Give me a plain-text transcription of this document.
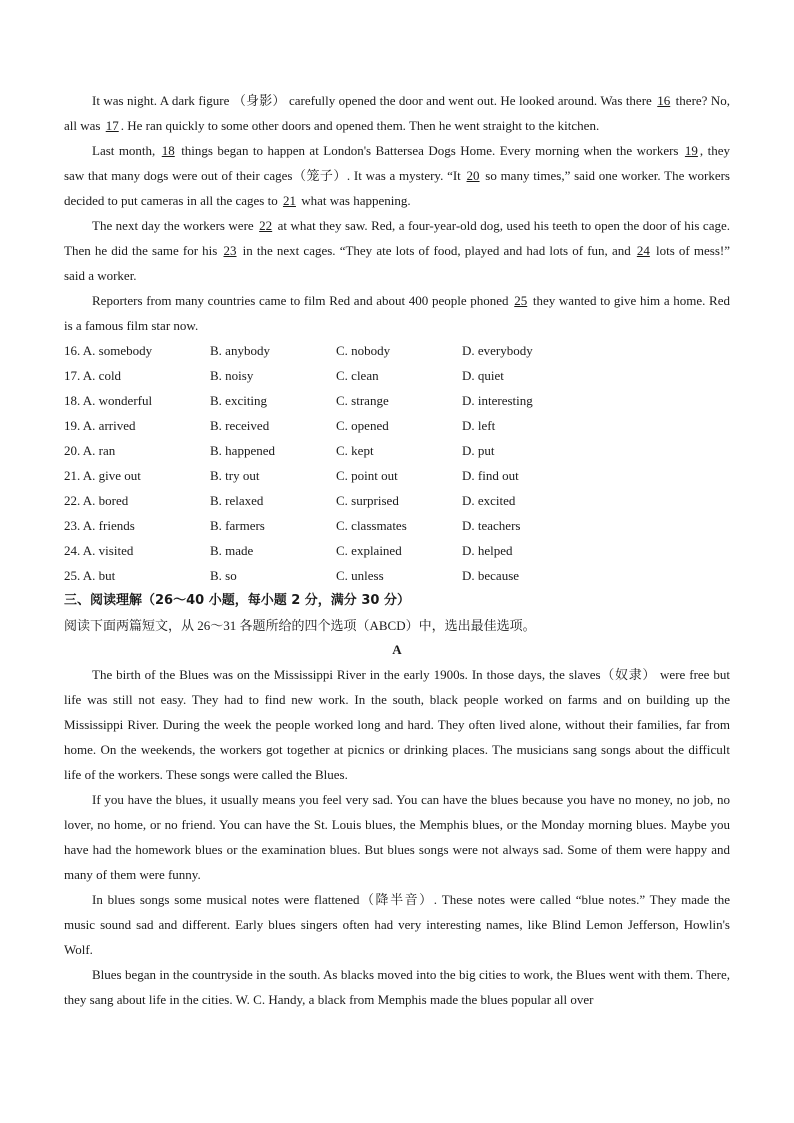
It was night. A dark figure （身影） carefully opened the door and went out. He looked around. Was there 16 there? No, all was 17 . He ran quickly to some other doors and opened them. Then he went straight to the kitchen.

Last month, 18 things began to happen at London's Battersea Dogs Home. Every morning when the workers 19 , they saw that many dogs were out of their cages（笼子）. It was a mystery. “It 20 so many times,” said one worker. The workers decided to put cameras in all the cages to 21 what was happening.

The next day the workers were 22 at what they saw. Red, a four-year-old dog, used his teeth to open the door of his cage. Then he did the same for his 23 in the next cages. “They ate lots of food, played and had lots of fun, and 24 lots of mess!” said a worker.

Reporters from many countries came to film Red and about 400 people phoned 25 they wanted to give him a home. Red is a famous film star now.

16. A. somebody	B. anybody	C. nobody	D. everybody
17. A. cold	B. noisy	C. clean	D. quiet
18. A. wonderful	B. exciting	C. strange	D. interesting
19. A. arrived	B. received	C. opened	D. left
20. A. ran	B. happened	C. kept	D. put
21. A. give out	B. try out	C. point out	D. find out
22. A. bored	B. relaxed	C. surprised	D. excited
23. A. friends	B. farmers	C. classmates	D. teachers
24. A. visited	B. made	C. explained	D. helped
25. A. but	B. so	C. unless	D. because

三、阅读理解（26～40 小题，每小题 2 分，满分 30 分）

阅读下面两篇短文，从 26～31 各题所给的四个选项（ABCD）中，选出最佳选项。

A

The birth of the Blues was on the Mississippi River in the early 1900s. In those days, the slaves（奴隶） were free but life was still not easy. They had to find new work. In the south, black people worked on farms and on building up the Mississippi River. During the week the people worked long and hard. They often lived alone, without their families, far from home. On the weekends, the workers got together at picnics or drinking places. The musicians sang songs about the difficult life of the workers. These songs were called the Blues.

If you have the blues, it usually means you feel very sad. You can have the blues because you have no money, no job, no lover, no home, or no friend. You can have the St. Louis blues, the Memphis blues, or the Monday morning blues. Maybe you have had the homework blues or the examination blues. But blues songs were not always sad. Some of them were happy and many of them were funny.

In blues songs some musical notes were flattened（降半音）. These notes were called “blue notes.” They made the music sound sad and different. Early blues singers often had very interesting names, like Blind Lemon Jefferson, Howlin's Wolf.

Blues began in the countryside in the south. As blacks moved into the big cities to work, the Blues went with them. There, they sang about life in the cities. W. C. Handy, a black from Memphis made the blues popular all over
